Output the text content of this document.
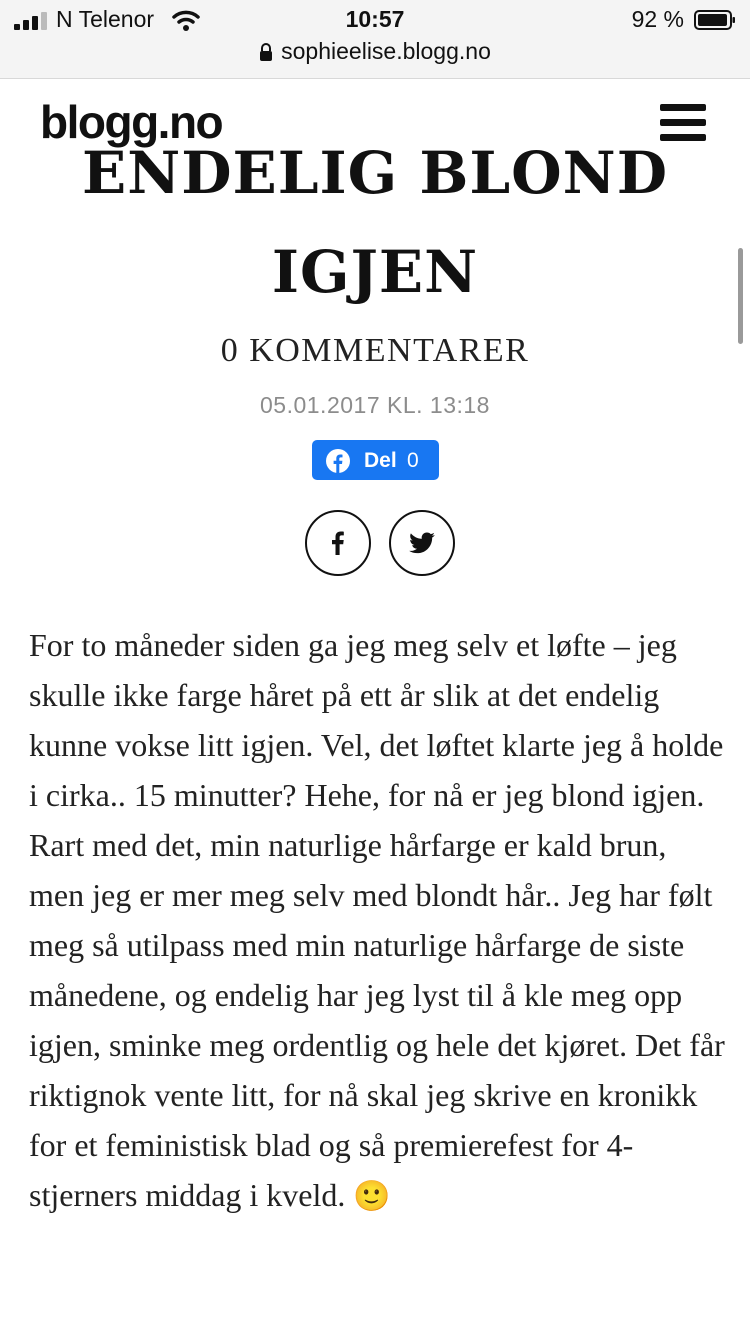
N Telenor	10:57	92 %
sophieelise.blogg.no
blogg.no
ENDELIG BLOND
IGJEN
0 KOMMENTARER
05.01.2017 KL. 13:18
Del 0
For to måneder siden ga jeg meg selv et løfte – jeg skulle ikke farge håret på ett år slik at det endelig kunne vokse litt igjen. Vel, det løftet klarte jeg å holde i cirka.. 15 minutter? Hehe, for nå er jeg blond igjen. Rart med det, min naturlige hårfarge er kald brun, men jeg er mer meg selv med blondt hår.. Jeg har følt meg så utilpass med min naturlige hårfarge de siste månedene, og endelig har jeg lyst til å kle meg opp igjen, sminke meg ordentlig og hele det kjøret. Det får riktignok vente litt, for nå skal jeg skrive en kronikk for et feministisk blad og så premierefest for 4-stjerners middag i kveld. 🙂
